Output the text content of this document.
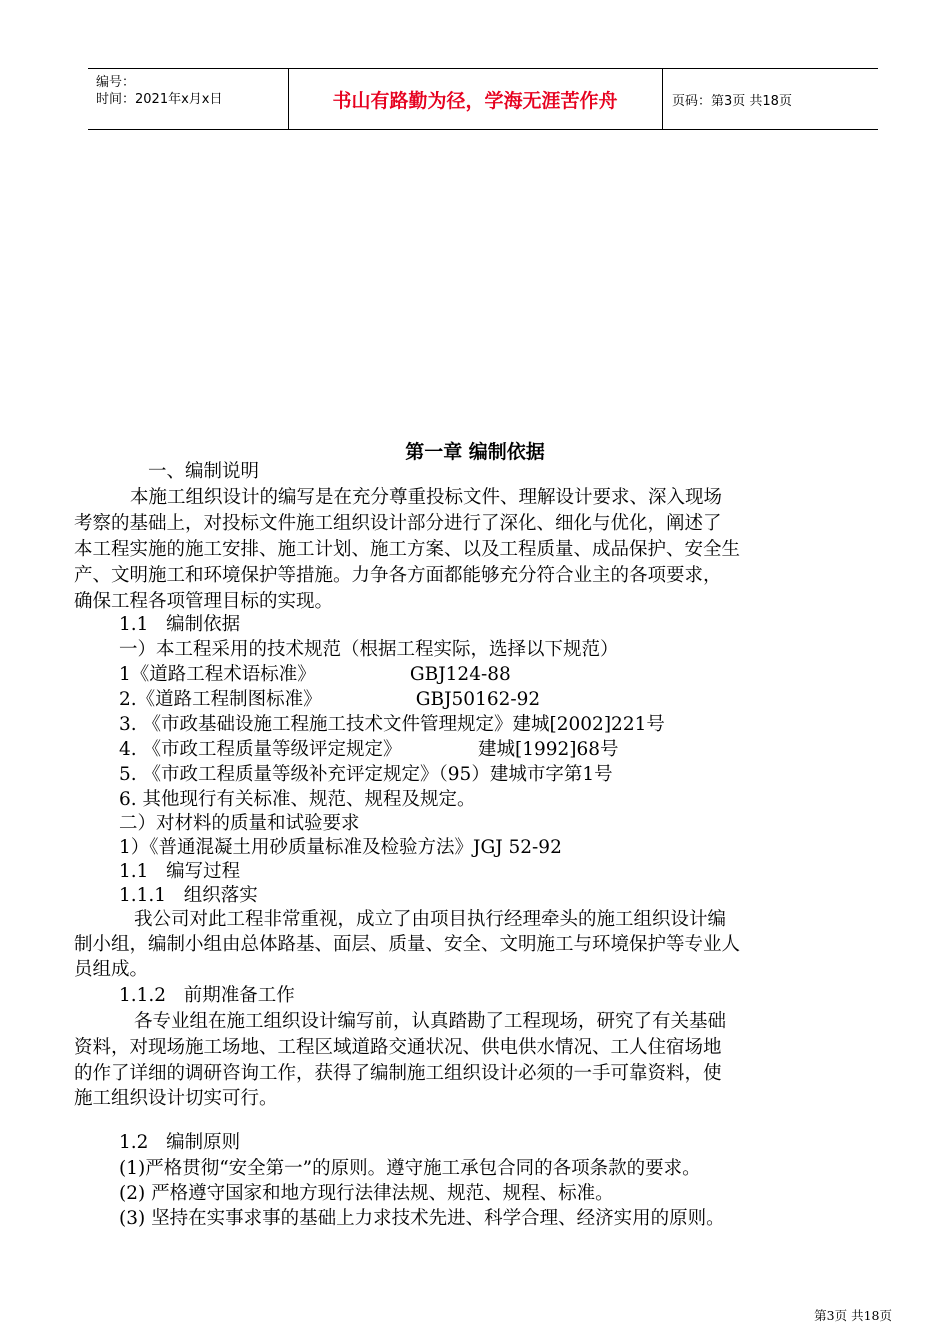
编号：
时间：2021年x月x日	书山有路勤为径，学海无涯苦作舟	页码：第3页 共18页
第一章 编制依据
一、编制说明
本施工组织设计的编写是在充分尊重投标文件、理解设计要求、深入现场
考察的基础上，对投标文件施工组织设计部分进行了深化、细化与优化，阐述了
本工程实施的施工安排、施工计划、施工方案、以及工程质量、成品保护、安全生
产、文明施工和环境保护等措施。力争各方面都能够充分符合业主的各项要求，
确保工程各项管理目标的实现。
1.1   编制依据
一）本工程采用的技术规范（根据工程实际，选择以下规范）
1《道路工程术语标准》                GBJ124-88
2.《道路工程制图标准》                GBJ50162-92
3. 《市政基础设施工程施工技术文件管理规定》建城[2002]221号
4. 《市政工程质量等级评定规定》             建城[1992]68号
5. 《市政工程质量等级补充评定规定》（95）建城市字第1号
6. 其他现行有关标准、规范、规程及规定。
二）对材料的质量和试验要求
1）《普通混凝土用砂质量标准及检验方法》JGJ 52-92
1.1   编写过程
1.1.1   组织落实
我公司对此工程非常重视，成立了由项目执行经理牵头的施工组织设计编
制小组，编制小组由总体路基、面层、质量、安全、文明施工与环境保护等专业人
员组成。
1.1.2   前期准备工作
各专业组在施工组织设计编写前，认真踏勘了工程现场，研究了有关基础
资料，对现场施工场地、工程区域道路交通状况、供电供水情况、工人住宿场地
的作了详细的调研咨询工作，获得了编制施工组织设计必须的一手可靠资料，使
施工组织设计切实可行。
1.2   编制原则
(1)严格贯彻“安全第一”的原则。遵守施工承包合同的各项条款的要求。
(2) 严格遵守国家和地方现行法律法规、规范、规程、标准。
(3) 坚持在实事求事的基础上力求技术先进、科学合理、经济实用的原则。
第3页 共18页
